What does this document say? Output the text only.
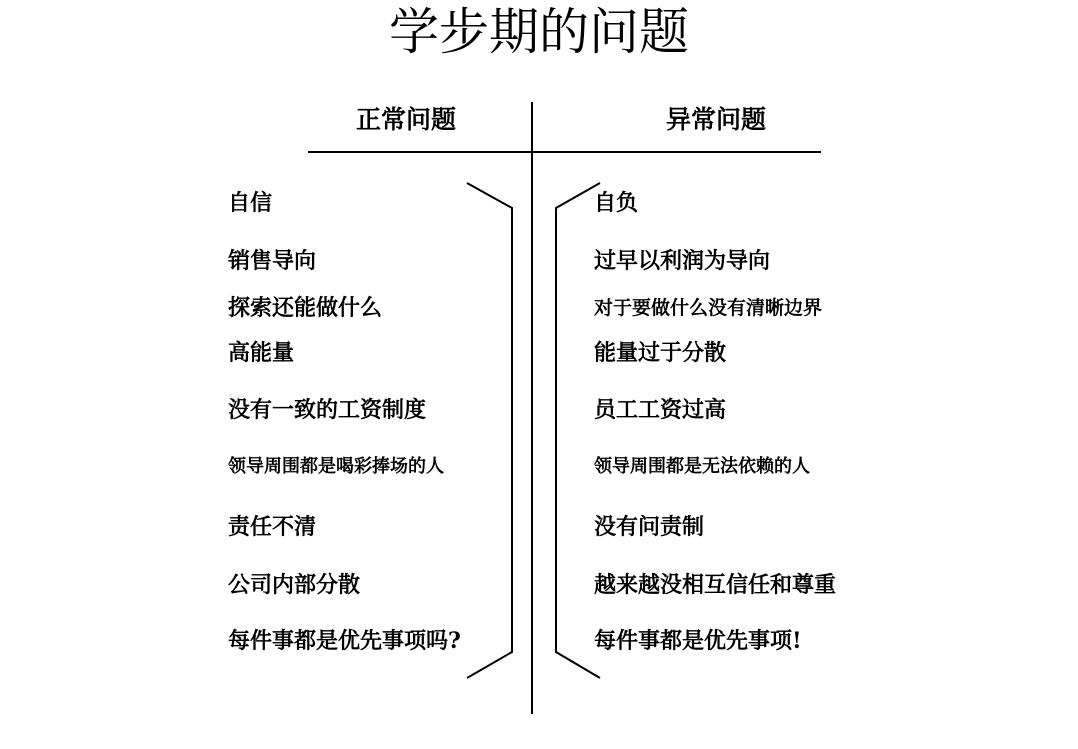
学步期的问题
正常问题	异常问题
自信	自负
销售导向	过早以利润为导向
探索还能做什么	对于要做什么没有清晰边界
高能量	能量过于分散
没有一致的工资制度	员工工资过高
领导周围都是喝彩捧场的人	领导周围都是无法依赖的人
责任不清	没有问责制
公司内部分散	越来越没相互信任和尊重
每件事都是优先事项吗?	每件事都是优先事项!
